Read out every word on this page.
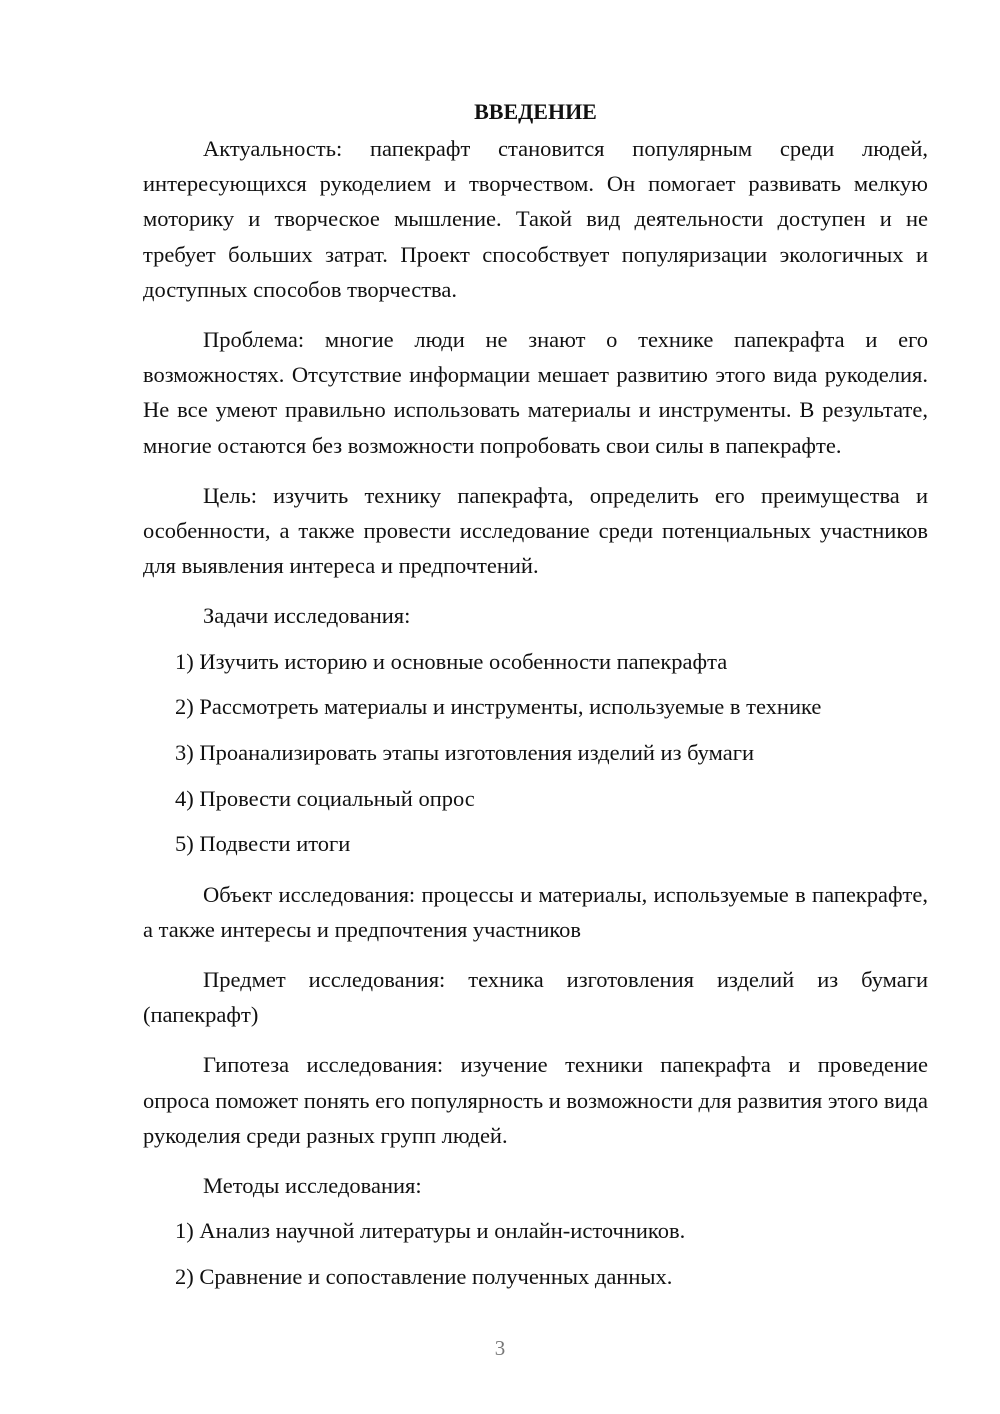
ВВЕДЕНИЕ

Актуальность: папекрафт становится популярным среди людей, интересующихся рукоделием и творчеством. Он помогает развивать мелкую моторику и творческое мышление. Такой вид деятельности доступен и не требует больших затрат. Проект способствует популяризации экологичных и доступных способов творчества.

Проблема: многие люди не знают о технике папекрафта и его возможностях. Отсутствие информации мешает развитию этого вида рукоделия. Не все умеют правильно использовать материалы и инструменты. В результате, многие остаются без возможности попробовать свои силы в папекрафте.

Цель: изучить технику папекрафта, определить его преимущества и особенности, а также провести исследование среди потенциальных участников для выявления интереса и предпочтений.

Задачи исследования:

1) Изучить историю и основные особенности папекрафта
2) Рассмотреть материалы и инструменты, используемые в технике
3) Проанализировать этапы изготовления изделий из бумаги
4) Провести социальный опрос
5) Подвести итоги

Объект исследования: процессы и материалы, используемые в папекрафте, а также интересы и предпочтения участников

Предмет исследования: техника изготовления изделий из бумаги (папекрафт)

Гипотеза исследования: изучение техники папекрафта и проведение опроса поможет понять его популярность и возможности для развития этого вида рукоделия среди разных групп людей.

Методы исследования:

1) Анализ научной литературы и онлайн-источников.
2) Сравнение и сопоставление полученных данных.
3
